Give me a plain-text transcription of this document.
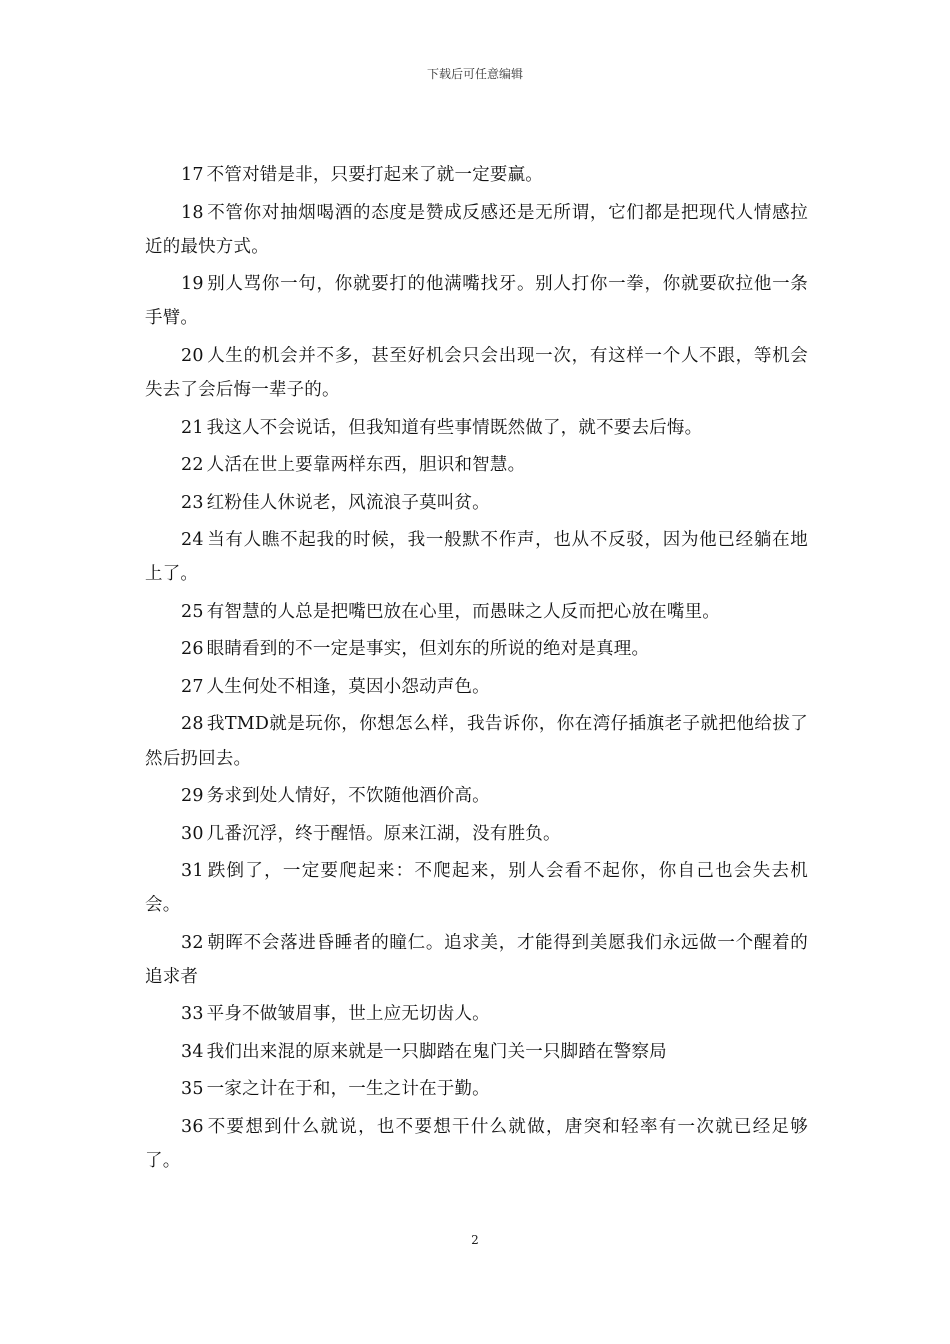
下载后可任意编辑

17 不管对错是非，只要打起来了就一定要赢。

18 不管你对抽烟喝酒的态度是赞成反感还是无所谓，它们都是把现代人情感拉近的最快方式。

19 别人骂你一句，你就要打的他满嘴找牙。别人打你一拳，你就要砍拉他一条手臂。

20 人生的机会并不多，甚至好机会只会出现一次，有这样一个人不跟，等机会失去了会后悔一辈子的。

21 我这人不会说话，但我知道有些事情既然做了，就不要去后悔。

22 人活在世上要靠两样东西，胆识和智慧。

23 红粉佳人休说老，风流浪子莫叫贫。

24 当有人瞧不起我的时候，我一般默不作声，也从不反驳，因为他已经躺在地上了。

25 有智慧的人总是把嘴巴放在心里，而愚昧之人反而把心放在嘴里。

26 眼睛看到的不一定是事实，但刘东的所说的绝对是真理。

27 人生何处不相逢，莫因小怨动声色。

28 我TMD就是玩你，你想怎么样，我告诉你，你在湾仔插旗老子就把他给拔了然后扔回去。

29 务求到处人情好，不饮随他酒价高。

30 几番沉浮，终于醒悟。原来江湖，没有胜负。

31 跌倒了，一定要爬起来：不爬起来，别人会看不起你，你自己也会失去机会。

32 朝晖不会落进昏睡者的瞳仁。追求美，才能得到美愿我们永远做一个醒着的追求者

33 平身不做皱眉事，世上应无切齿人。

34 我们出来混的原来就是一只脚踏在鬼门关一只脚踏在警察局

35 一家之计在于和，一生之计在于勤。

36 不要想到什么就说，也不要想干什么就做，唐突和轻率有一次就已经足够了。

2
